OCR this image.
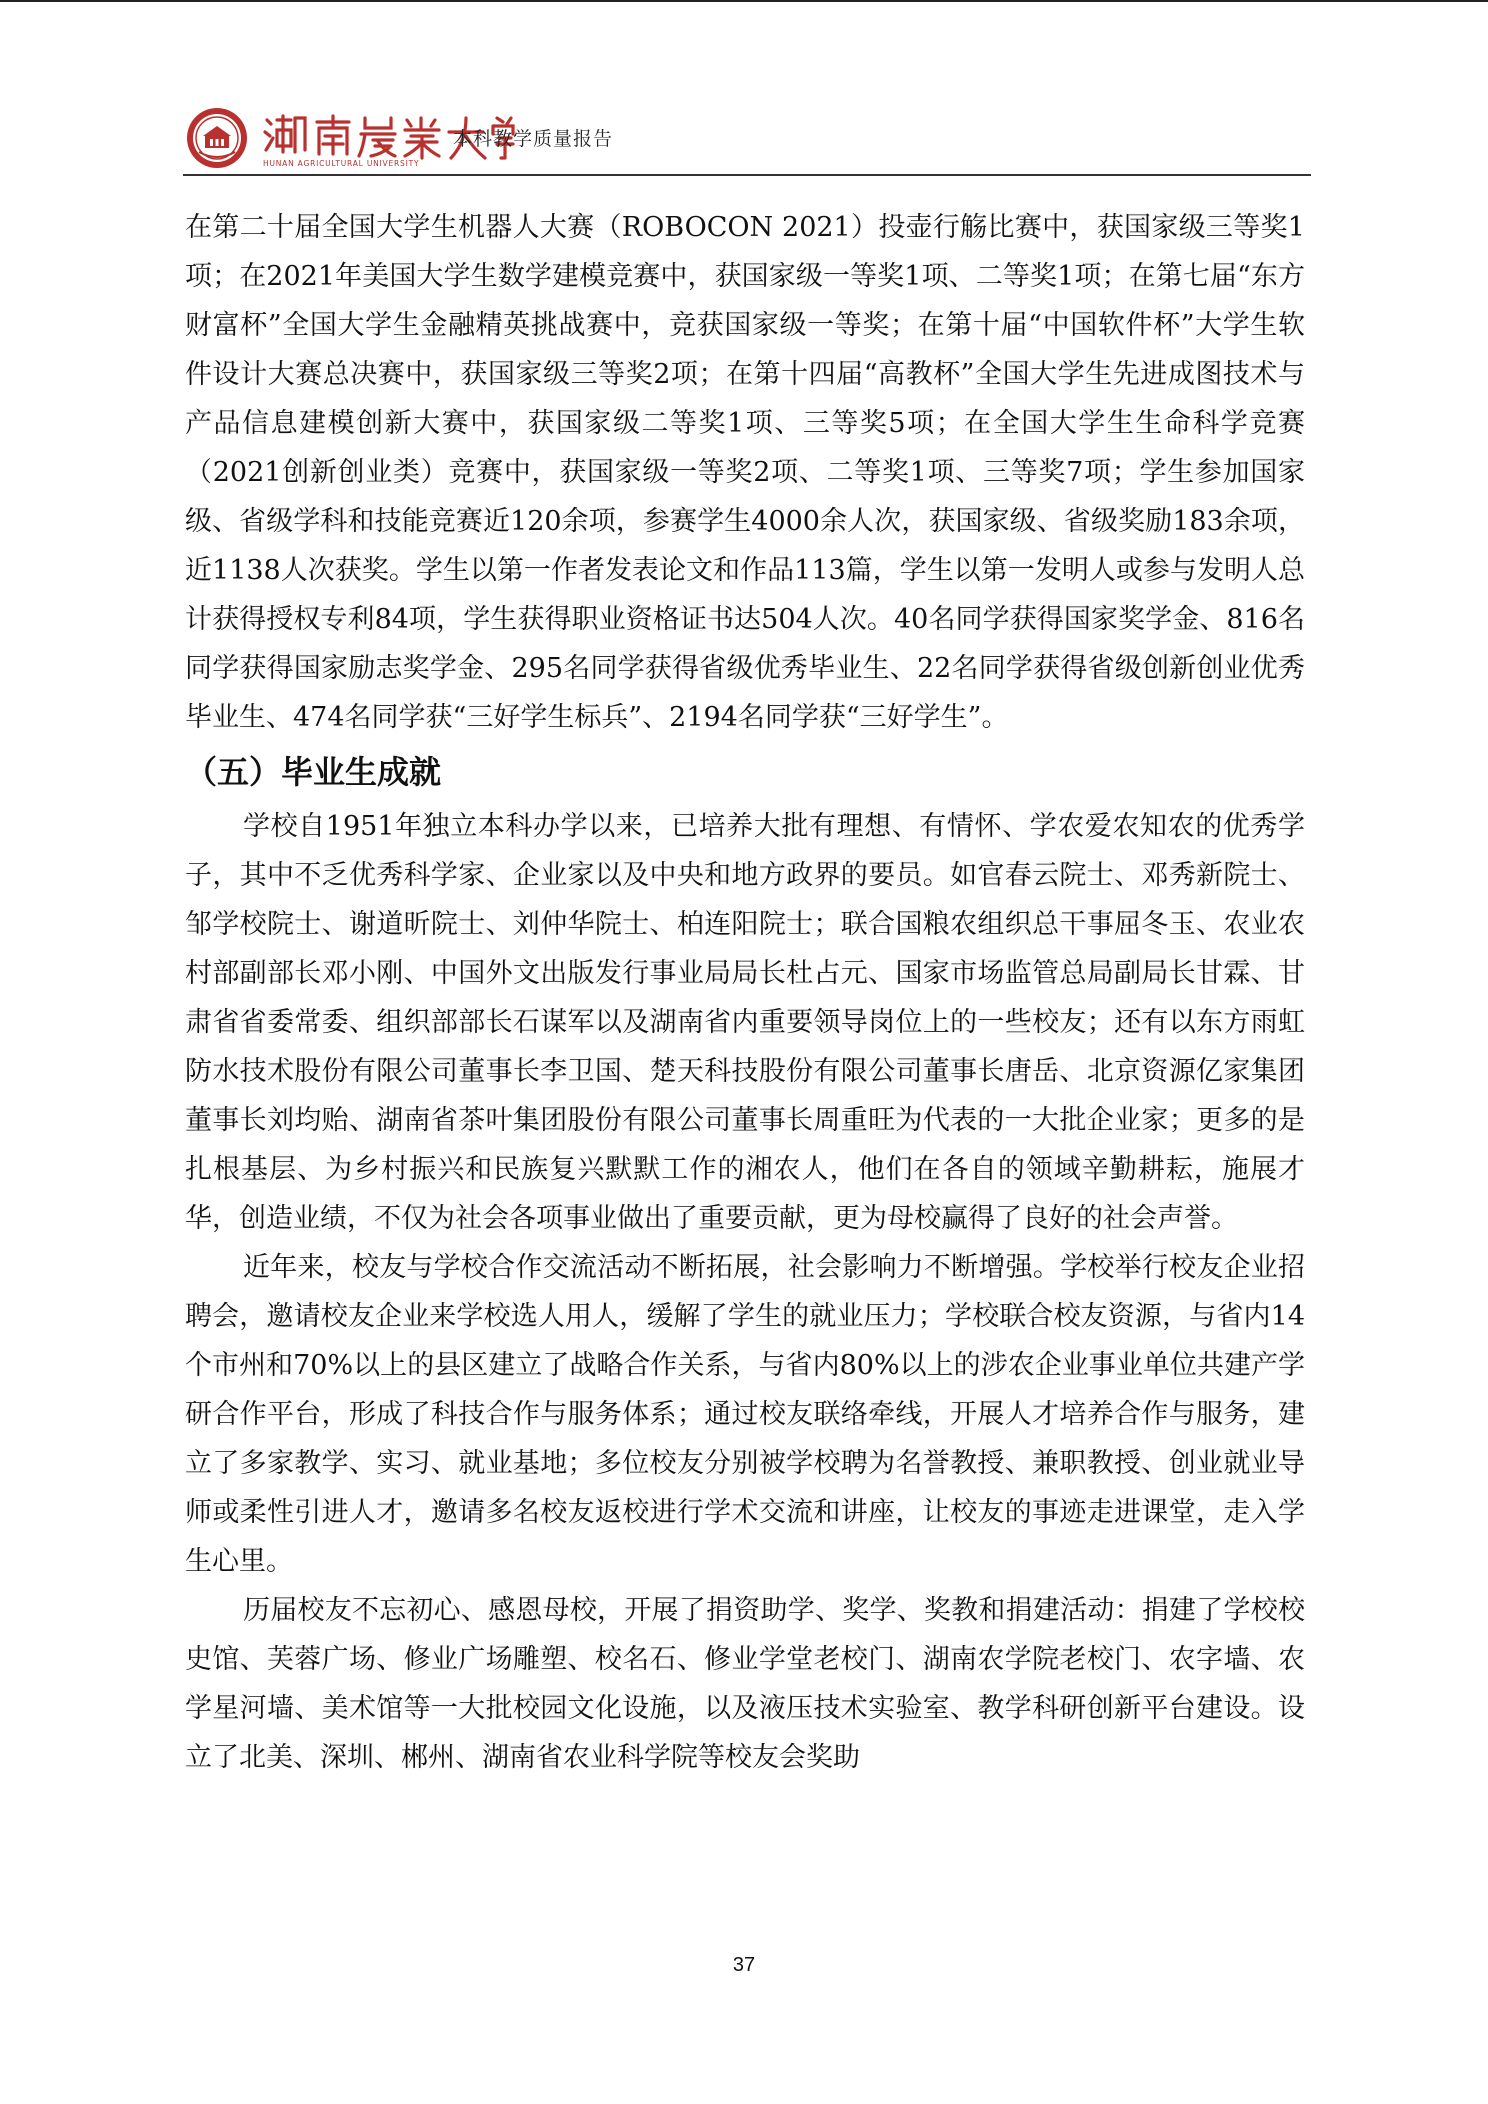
HUNAN AGRICULTURAL UNIVERSITY
本科教学质量报告

在第二十届全国大学生机器人大赛（ROBOCON 2021）投壶行觞比赛中，获国家级三等奖1项；在2021年美国大学生数学建模竞赛中，获国家级一等奖1项、二等奖1项；在第七届“东方财富杯”全国大学生金融精英挑战赛中，竞获国家级一等奖；在第十届“中国软件杯”大学生软件设计大赛总决赛中，获国家级三等奖2项；在第十四届“高教杯”全国大学生先进成图技术与产品信息建模创新大赛中，获国家级二等奖1项、三等奖5项；在全国大学生生命科学竞赛（2021创新创业类）竞赛中，获国家级一等奖2项、二等奖1项、三等奖7项；学生参加国家级、省级学科和技能竞赛近120余项，参赛学生4000余人次，获国家级、省级奖励183余项，近1138人次获奖。学生以第一作者发表论文和作品113篇，学生以第一发明人或参与发明人总计获得授权专利84项，学生获得职业资格证书达504人次。40名同学获得国家奖学金、816名同学获得国家励志奖学金、295名同学获得省级优秀毕业生、22名同学获得省级创新创业优秀毕业生、474名同学获“三好学生标兵”、2194名同学获“三好学生”。

（五）毕业生成就

学校自1951年独立本科办学以来，已培养大批有理想、有情怀、学农爱农知农的优秀学子，其中不乏优秀科学家、企业家以及中央和地方政界的要员。如官春云院士、邓秀新院士、邹学校院士、谢道昕院士、刘仲华院士、柏连阳院士；联合国粮农组织总干事屈冬玉、农业农村部副部长邓小刚、中国外文出版发行事业局局长杜占元、国家市场监管总局副局长甘霖、甘肃省省委常委、组织部部长石谋军以及湖南省内重要领导岗位上的一些校友；还有以东方雨虹防水技术股份有限公司董事长李卫国、楚天科技股份有限公司董事长唐岳、北京资源亿家集团董事长刘均贻、湖南省茶叶集团股份有限公司董事长周重旺为代表的一大批企业家；更多的是扎根基层、为乡村振兴和民族复兴默默工作的湘农人，他们在各自的领域辛勤耕耘，施展才华，创造业绩，不仅为社会各项事业做出了重要贡献，更为母校赢得了良好的社会声誉。

近年来，校友与学校合作交流活动不断拓展，社会影响力不断增强。学校举行校友企业招聘会，邀请校友企业来学校选人用人，缓解了学生的就业压力；学校联合校友资源，与省内14个市州和70%以上的县区建立了战略合作关系，与省内80%以上的涉农企业事业单位共建产学研合作平台，形成了科技合作与服务体系；通过校友联络牵线，开展人才培养合作与服务，建立了多家教学、实习、就业基地；多位校友分别被学校聘为名誉教授、兼职教授、创业就业导师或柔性引进人才，邀请多名校友返校进行学术交流和讲座，让校友的事迹走进课堂，走入学生心里。

历届校友不忘初心、感恩母校，开展了捐资助学、奖学、奖教和捐建活动：捐建了学校校史馆、芙蓉广场、修业广场雕塑、校名石、修业学堂老校门、湖南农学院老校门、农字墙、农学星河墙、美术馆等一大批校园文化设施，以及液压技术实验室、教学科研创新平台建设。设立了北美、深圳、郴州、湖南省农业科学院等校友会奖助

37
